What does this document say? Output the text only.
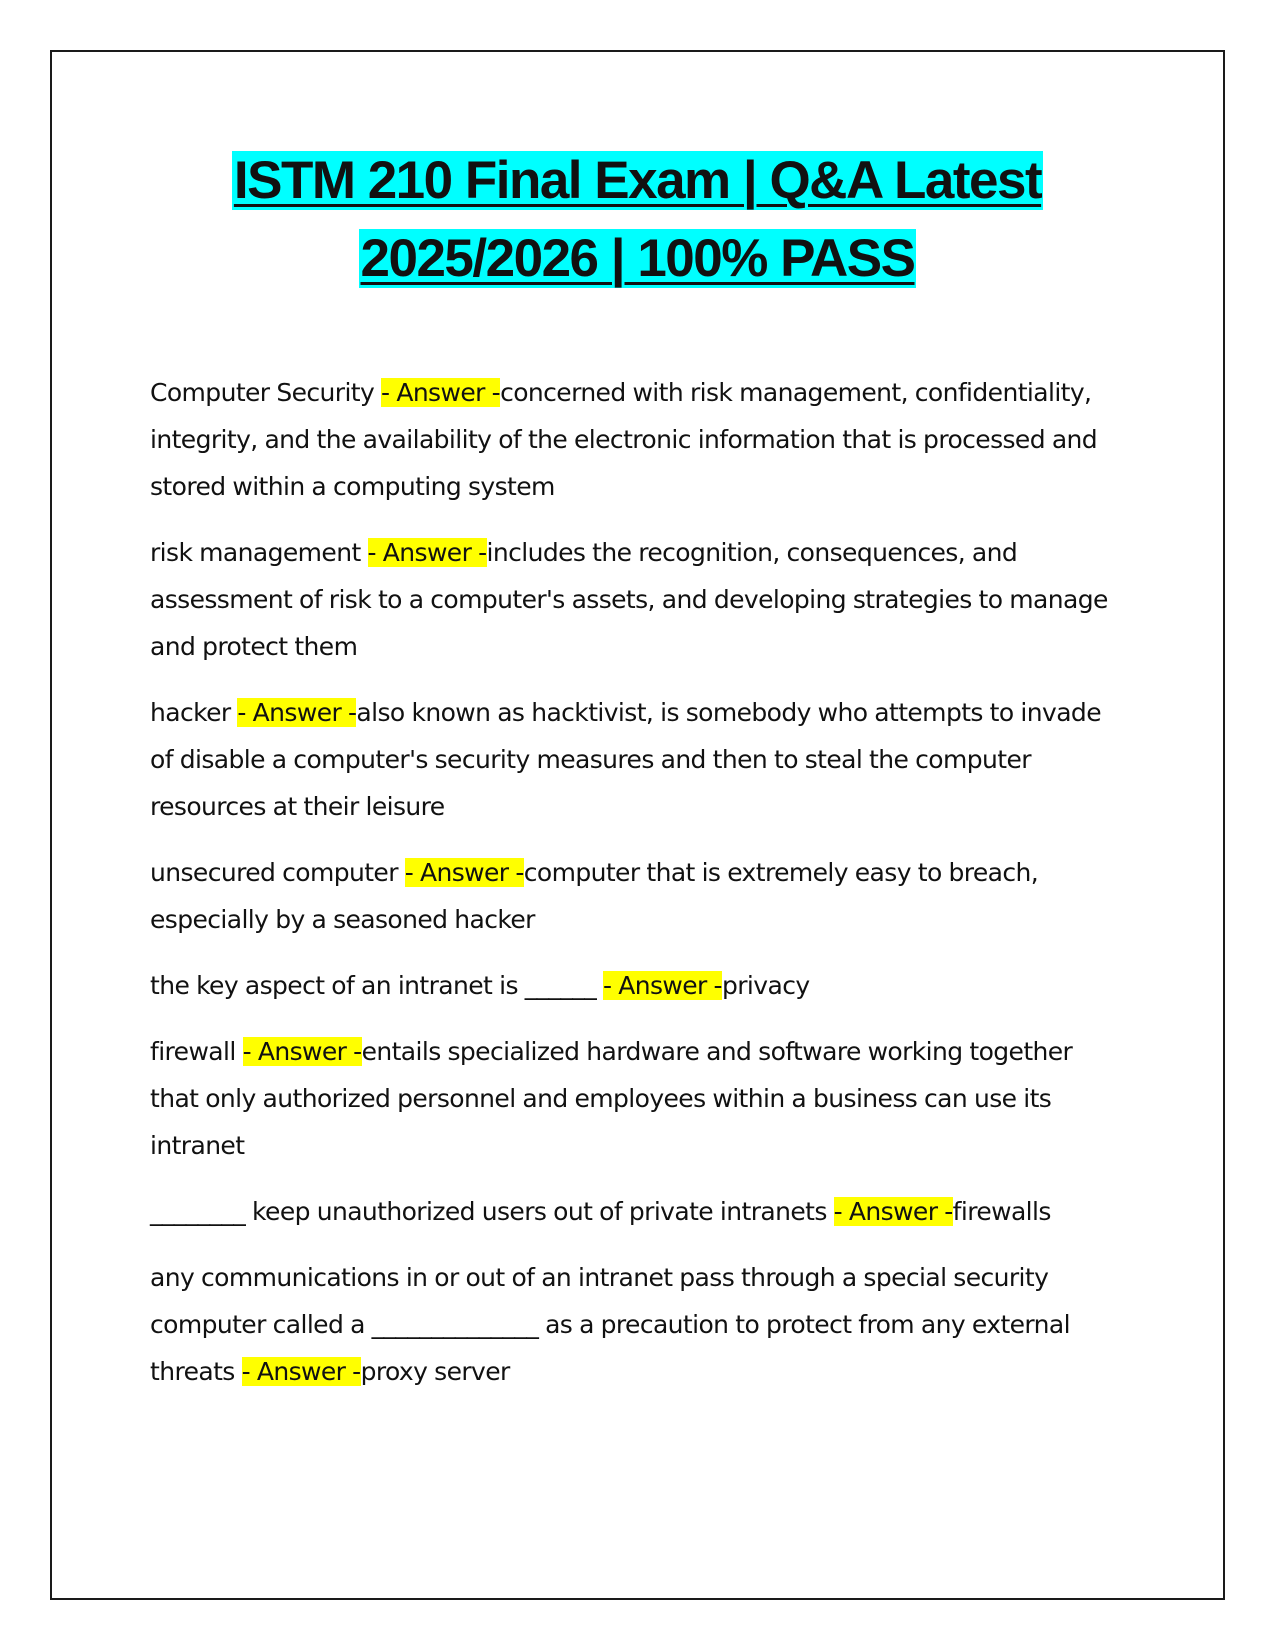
ISTM 210 Final Exam | Q&A Latest
2025/2026 | 100% PASS

Computer Security - Answer -concerned with risk management, confidentiality, integrity, and the availability of the electronic information that is processed and stored within a computing system

risk management - Answer -includes the recognition, consequences, and assessment of risk to a computer's assets, and developing strategies to manage and protect them

hacker - Answer -also known as hacktivist, is somebody who attempts to invade of disable a computer's security measures and then to steal the computer resources at their leisure

unsecured computer - Answer -computer that is extremely easy to breach, especially by a seasoned hacker

the key aspect of an intranet is ______ - Answer -privacy

firewall - Answer -entails specialized hardware and software working together that only authorized personnel and employees within a business can use its intranet

________ keep unauthorized users out of private intranets - Answer -firewalls

any communications in or out of an intranet pass through a special security computer called a ______________ as a precaution to protect from any external threats - Answer -proxy server
